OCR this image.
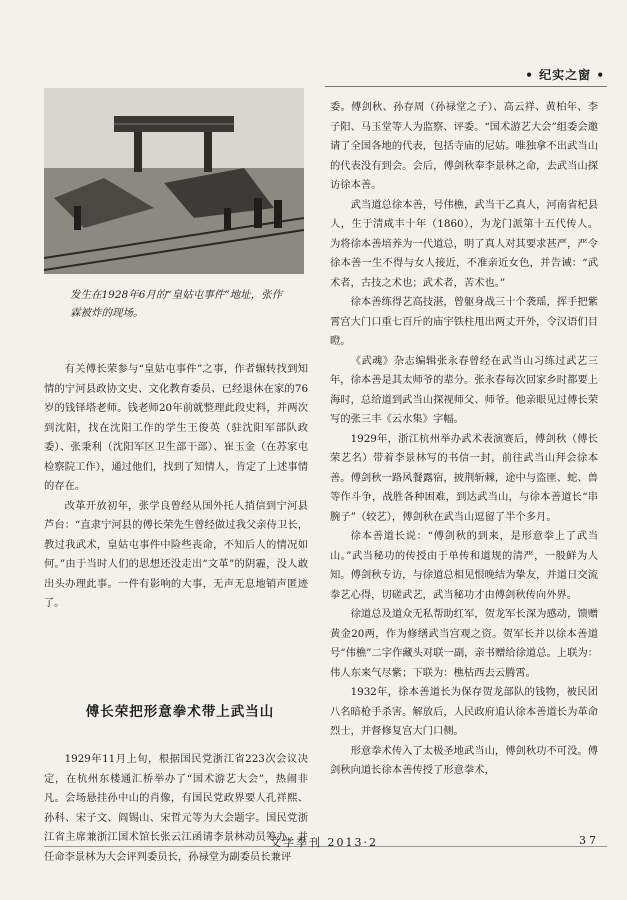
• 纪实之窗 •
发生在1928年6月的“皇姑屯事件”地址，张作霖被炸的现场。

有关傅长荣参与“皇姑屯事件”之事，作者辗转找到知情的宁河县政协文史、文化教育委员、已经退休在家的76岁的钱铎塔老师。钱老师20年前就整理此段史料，并两次到沈阳，找在沈阳工作的学生王俊英（驻沈阳军部队政委）、张秉利（沈阳军区卫生部干部）、崔玉金（在苏家屯检察院工作），通过他们，找到了知情人，肯定了上述事情的存在。

改革开放初年，张学良曾经从国外托人捎信到宁河县芦台：“直隶宁河县的傅长荣先生曾经做过我父亲侍卫长，教过我武术，皇姑屯事件中险些丧命，不知后人的情况如何。”由于当时人们的思想还没走出“文革”的阴霾，没人敢出头办理此事。一件有影响的大事，无声无息地销声匿迹了。

傅长荣把形意拳术带上武当山

1929年11月上旬，根据国民党浙江省223次会议决定，在杭州东楼通汇桥举办了“国术游艺大会”，热闹非凡。会场悬挂孙中山的肖像，有国民党政界要人孔祥熙、孙科、宋子文、阎锡山、宋哲元等为大会题字。国民党浙江省主席兼浙江国术馆长张云江函请李景林动员筹办，并任命李景林为大会评判委员长，孙禄堂为副委员长兼评

委。傅剑秋、孙存周（孙禄堂之子）、高云祥、黄柏年、李子阳、马玉堂等人为监察、评委。“国术游艺大会”组委会邀请了全国各地的代表，包括寺庙的尼姑。唯独拿不出武当山的代表没有到会。会后，傅剑秋奉李景林之命，去武当山探访徐本善。

武当道总徐本善，号伟樵，武当干乙真人，河南省杞县人，生于清咸丰十年（1860），为龙门派第十五代传人。为将徐本善培养为一代道总，明了真人对其要求甚严，严令徐本善一生不得与女人接近，不准亲近女色，并告诫：“武术者，古技之术也；武术者，苦术也。”

徐本善练得艺高技湛，曾躯身战三十个袭瑶，挥手把紫霄宫大门口重七百斤的庙宇铁柱甩出两丈开外，令汉语们目瞪。

《武魂》杂志编辑张永春曾经在武当山习练过武艺三年，徐本善是其太师爷的辈分。张永春每次回家乡时都要上海时，总给道到武当山探视师父、师爷。他亲眼见过傅长荣写的张三丰《云水集》字幅。

1929年，浙江杭州举办武术表演赛后，傅剑秋（傅长荣艺名）带着李景林写的书信一封，前往武当山拜会徐本善。傅剑秋一路风餐露宿，披荆斩棘，途中与盗匪、蛇、兽等作斗争，战胜各种困难，到达武当山，与徐本善道长“串腕子”（较艺），傅剑秋在武当山逗留了半个多月。

徐本善道长说：“傅剑秋的到来，是形意拳上了武当山。”武当秘功的传授由于单传和道规的清严，一般鲜为人知。傅剑秋专访，与徐道总相见恨晚结为挚友，并道日交流拳艺心得，切磋武艺，武当秘功才由傅剑秋传向外界。

徐道总及道众无私帮助红军，贺龙军长深为感动，馈赠黄金20两，作为修缮武当宫观之资。贺军长并以徐本善道号“伟樵”二字作藏头对联一副，亲书赠给徐道总。上联为：伟人东来气尽紫；下联为：樵枯西去云腾霄。

1932年，徐本善道长为保存贺龙部队的钱物，被民团八名暗枪手杀害。解放后，人民政府追认徐本善道长为革命烈士，并督修复宫大门口侧。

形意拳术传入了太极圣地武当山，傅剑秋功不可没。傅剑秋向道长徐本善传授了形意拳术，

文学季刊 2013·2	37
